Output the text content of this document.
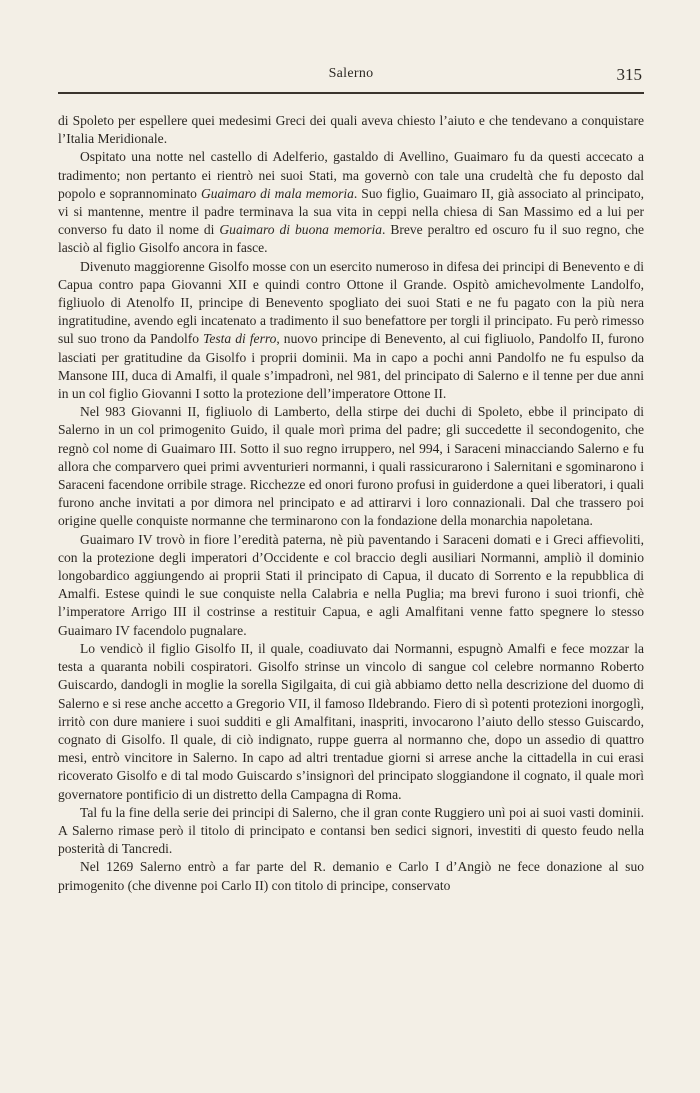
Salerno	315

di Spoleto per espellere quei medesimi Greci dei quali aveva chiesto l’aiuto e che tendevano a conquistare l’Italia Meridionale.

Ospitato una notte nel castello di Adelferio, gastaldo di Avellino, Guaimaro fu da questi accecato a tradimento; non pertanto ei rientrò nei suoi Stati, ma governò con tale una crudeltà che fu deposto dal popolo e soprannominato Guaimaro di mala memoria. Suo figlio, Guaimaro II, già associato al principato, vi si mantenne, mentre il padre terminava la sua vita in ceppi nella chiesa di San Massimo ed a lui per converso fu dato il nome di Guaimaro di buona memoria. Breve peraltro ed oscuro fu il suo regno, che lasciò al figlio Gisolfo ancora in fasce.

Divenuto maggiorenne Gisolfo mosse con un esercito numeroso in difesa dei principi di Benevento e di Capua contro papa Giovanni XII e quindi contro Ottone il Grande. Ospitò amichevolmente Landolfo, figliuolo di Atenolfo II, principe di Benevento spogliato dei suoi Stati e ne fu pagato con la più nera ingratitudine, avendo egli incatenato a tradimento il suo benefattore per torgli il principato. Fu però rimesso sul suo trono da Pandolfo Testa di ferro, nuovo principe di Benevento, al cui figliuolo, Pandolfo II, furono lasciati per gratitudine da Gisolfo i proprii dominii. Ma in capo a pochi anni Pandolfo ne fu espulso da Mansone III, duca di Amalfi, il quale s’impadronì, nel 981, del principato di Salerno e il tenne per due anni in un col figlio Giovanni I sotto la protezione dell’imperatore Ottone II.

Nel 983 Giovanni II, figliuolo di Lamberto, della stirpe dei duchi di Spoleto, ebbe il principato di Salerno in un col primogenito Guido, il quale morì prima del padre; gli succedette il secondogenito, che regnò col nome di Guaimaro III. Sotto il suo regno irruppero, nel 994, i Saraceni minacciando Salerno e fu allora che comparvero quei primi avventurieri normanni, i quali rassicurarono i Salernitani e sgominarono i Saraceni facendone orribile strage. Ricchezze ed onori furono profusi in guiderdone a quei liberatori, i quali furono anche invitati a por dimora nel principato e ad attirarvi i loro connazionali. Dal che trassero poi origine quelle conquiste normanne che terminarono con la fondazione della monarchia napoletana.

Guaimaro IV trovò in fiore l’eredità paterna, nè più paventando i Saraceni domati e i Greci affievoliti, con la protezione degli imperatori d’Occidente e col braccio degli ausiliari Normanni, ampliò il dominio longobardico aggiungendo ai proprii Stati il principato di Capua, il ducato di Sorrento e la repubblica di Amalfi. Estese quindi le sue conquiste nella Calabria e nella Puglia; ma brevi furono i suoi trionfi, chè l’imperatore Arrigo III il costrinse a restituir Capua, e agli Amalfitani venne fatto spegnere lo stesso Guaimaro IV facendolo pugnalare.

Lo vendicò il figlio Gisolfo II, il quale, coadiuvato dai Normanni, espugnò Amalfi e fece mozzar la testa a quaranta nobili cospiratori. Gisolfo strinse un vincolo di sangue col celebre normanno Roberto Guiscardo, dandogli in moglie la sorella Sigilgaita, di cui già abbiamo detto nella descrizione del duomo di Salerno e si rese anche accetto a Gregorio VII, il famoso Ildebrando. Fiero di sì potenti protezioni inorgoglì, irritò con dure maniere i suoi sudditi e gli Amalfitani, inaspriti, invocarono l’aiuto dello stesso Guiscardo, cognato di Gisolfo. Il quale, di ciò indignato, ruppe guerra al normanno che, dopo un assedio di quattro mesi, entrò vincitore in Salerno. In capo ad altri trentadue giorni si arrese anche la cittadella in cui erasi ricoverato Gisolfo e di tal modo Guiscardo s’insignorì del principato sloggiandone il cognato, il quale morì governatore pontificio di un distretto della Campagna di Roma.

Tal fu la fine della serie dei principi di Salerno, che il gran conte Ruggiero unì poi ai suoi vasti dominii. A Salerno rimase però il titolo di principato e contansi ben sedici signori, investiti di questo feudo nella posterità di Tancredi.

Nel 1269 Salerno entrò a far parte del R. demanio e Carlo I d’Angiò ne fece donazione al suo primogenito (che divenne poi Carlo II) con titolo di principe, conservato
